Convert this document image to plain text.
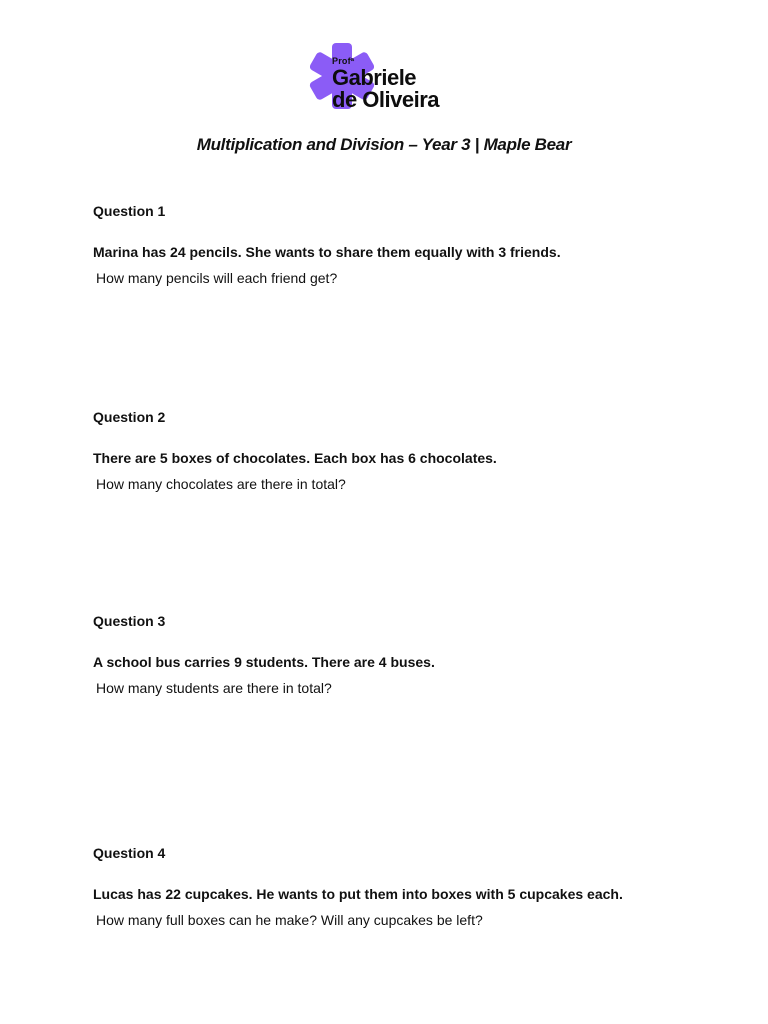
Profª
Gabriele
de Oliveira
Multiplication and Division – Year 3 | Maple Bear

Question 1

Marina has 24 pencils. She wants to share them equally with 3 friends.

How many pencils will each friend get?

Question 2

There are 5 boxes of chocolates. Each box has 6 chocolates.

How many chocolates are there in total?

Question 3

A school bus carries 9 students. There are 4 buses.

How many students are there in total?

Question 4

Lucas has 22 cupcakes. He wants to put them into boxes with 5 cupcakes each.

How many full boxes can he make? Will any cupcakes be left?
